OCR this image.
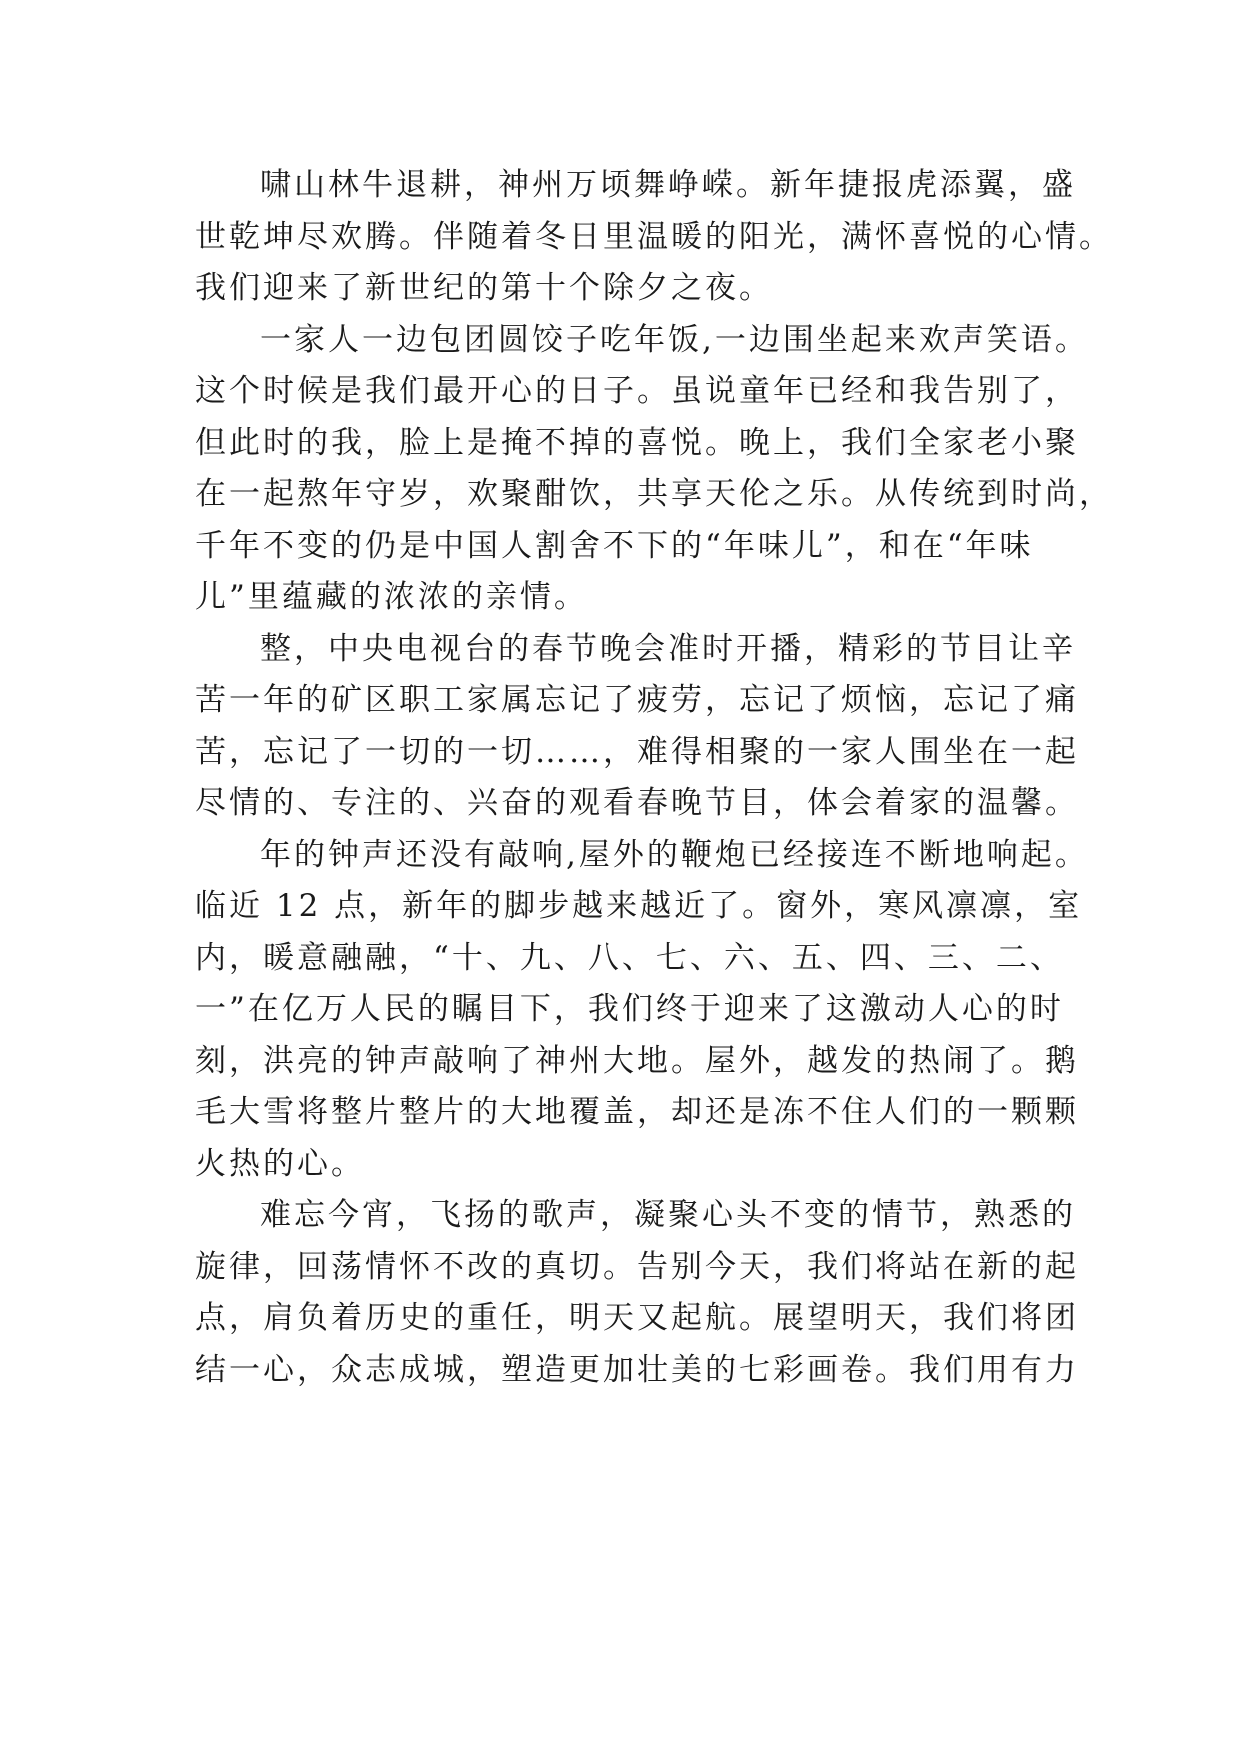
啸山林牛退耕，神州万顷舞峥嵘。新年捷报虎添翼，盛
世乾坤尽欢腾。伴随着冬日里温暖的阳光，满怀喜悦的心情。
我们迎来了新世纪的第十个除夕之夜。
一家人一边包团圆饺子吃年饭,一边围坐起来欢声笑语。
这个时候是我们最开心的日子。虽说童年已经和我告别了，
但此时的我，脸上是掩不掉的喜悦。晚上，我们全家老小聚
在一起熬年守岁，欢聚酣饮，共享天伦之乐。从传统到时尚，
千年不变的仍是中国人割舍不下的“年味儿”，和在“年味
儿”里蕴藏的浓浓的亲情。
整，中央电视台的春节晚会准时开播，精彩的节目让辛
苦一年的矿区职工家属忘记了疲劳，忘记了烦恼，忘记了痛
苦，忘记了一切的一切……，难得相聚的一家人围坐在一起
尽情的、专注的、兴奋的观看春晚节目，体会着家的温馨。
年的钟声还没有敲响,屋外的鞭炮已经接连不断地响起。
临近 12 点，新年的脚步越来越近了。窗外，寒风凛凛，室
内，暖意融融，“十、九、八、七、六、五、四、三、二、
一”在亿万人民的瞩目下，我们终于迎来了这激动人心的时
刻，洪亮的钟声敲响了神州大地。屋外，越发的热闹了。鹅
毛大雪将整片整片的大地覆盖，却还是冻不住人们的一颗颗
火热的心。
难忘今宵，飞扬的歌声，凝聚心头不变的情节，熟悉的
旋律，回荡情怀不改的真切。告别今天，我们将站在新的起
点，肩负着历史的重任，明天又起航。展望明天，我们将团
结一心，众志成城，塑造更加壮美的七彩画卷。我们用有力
